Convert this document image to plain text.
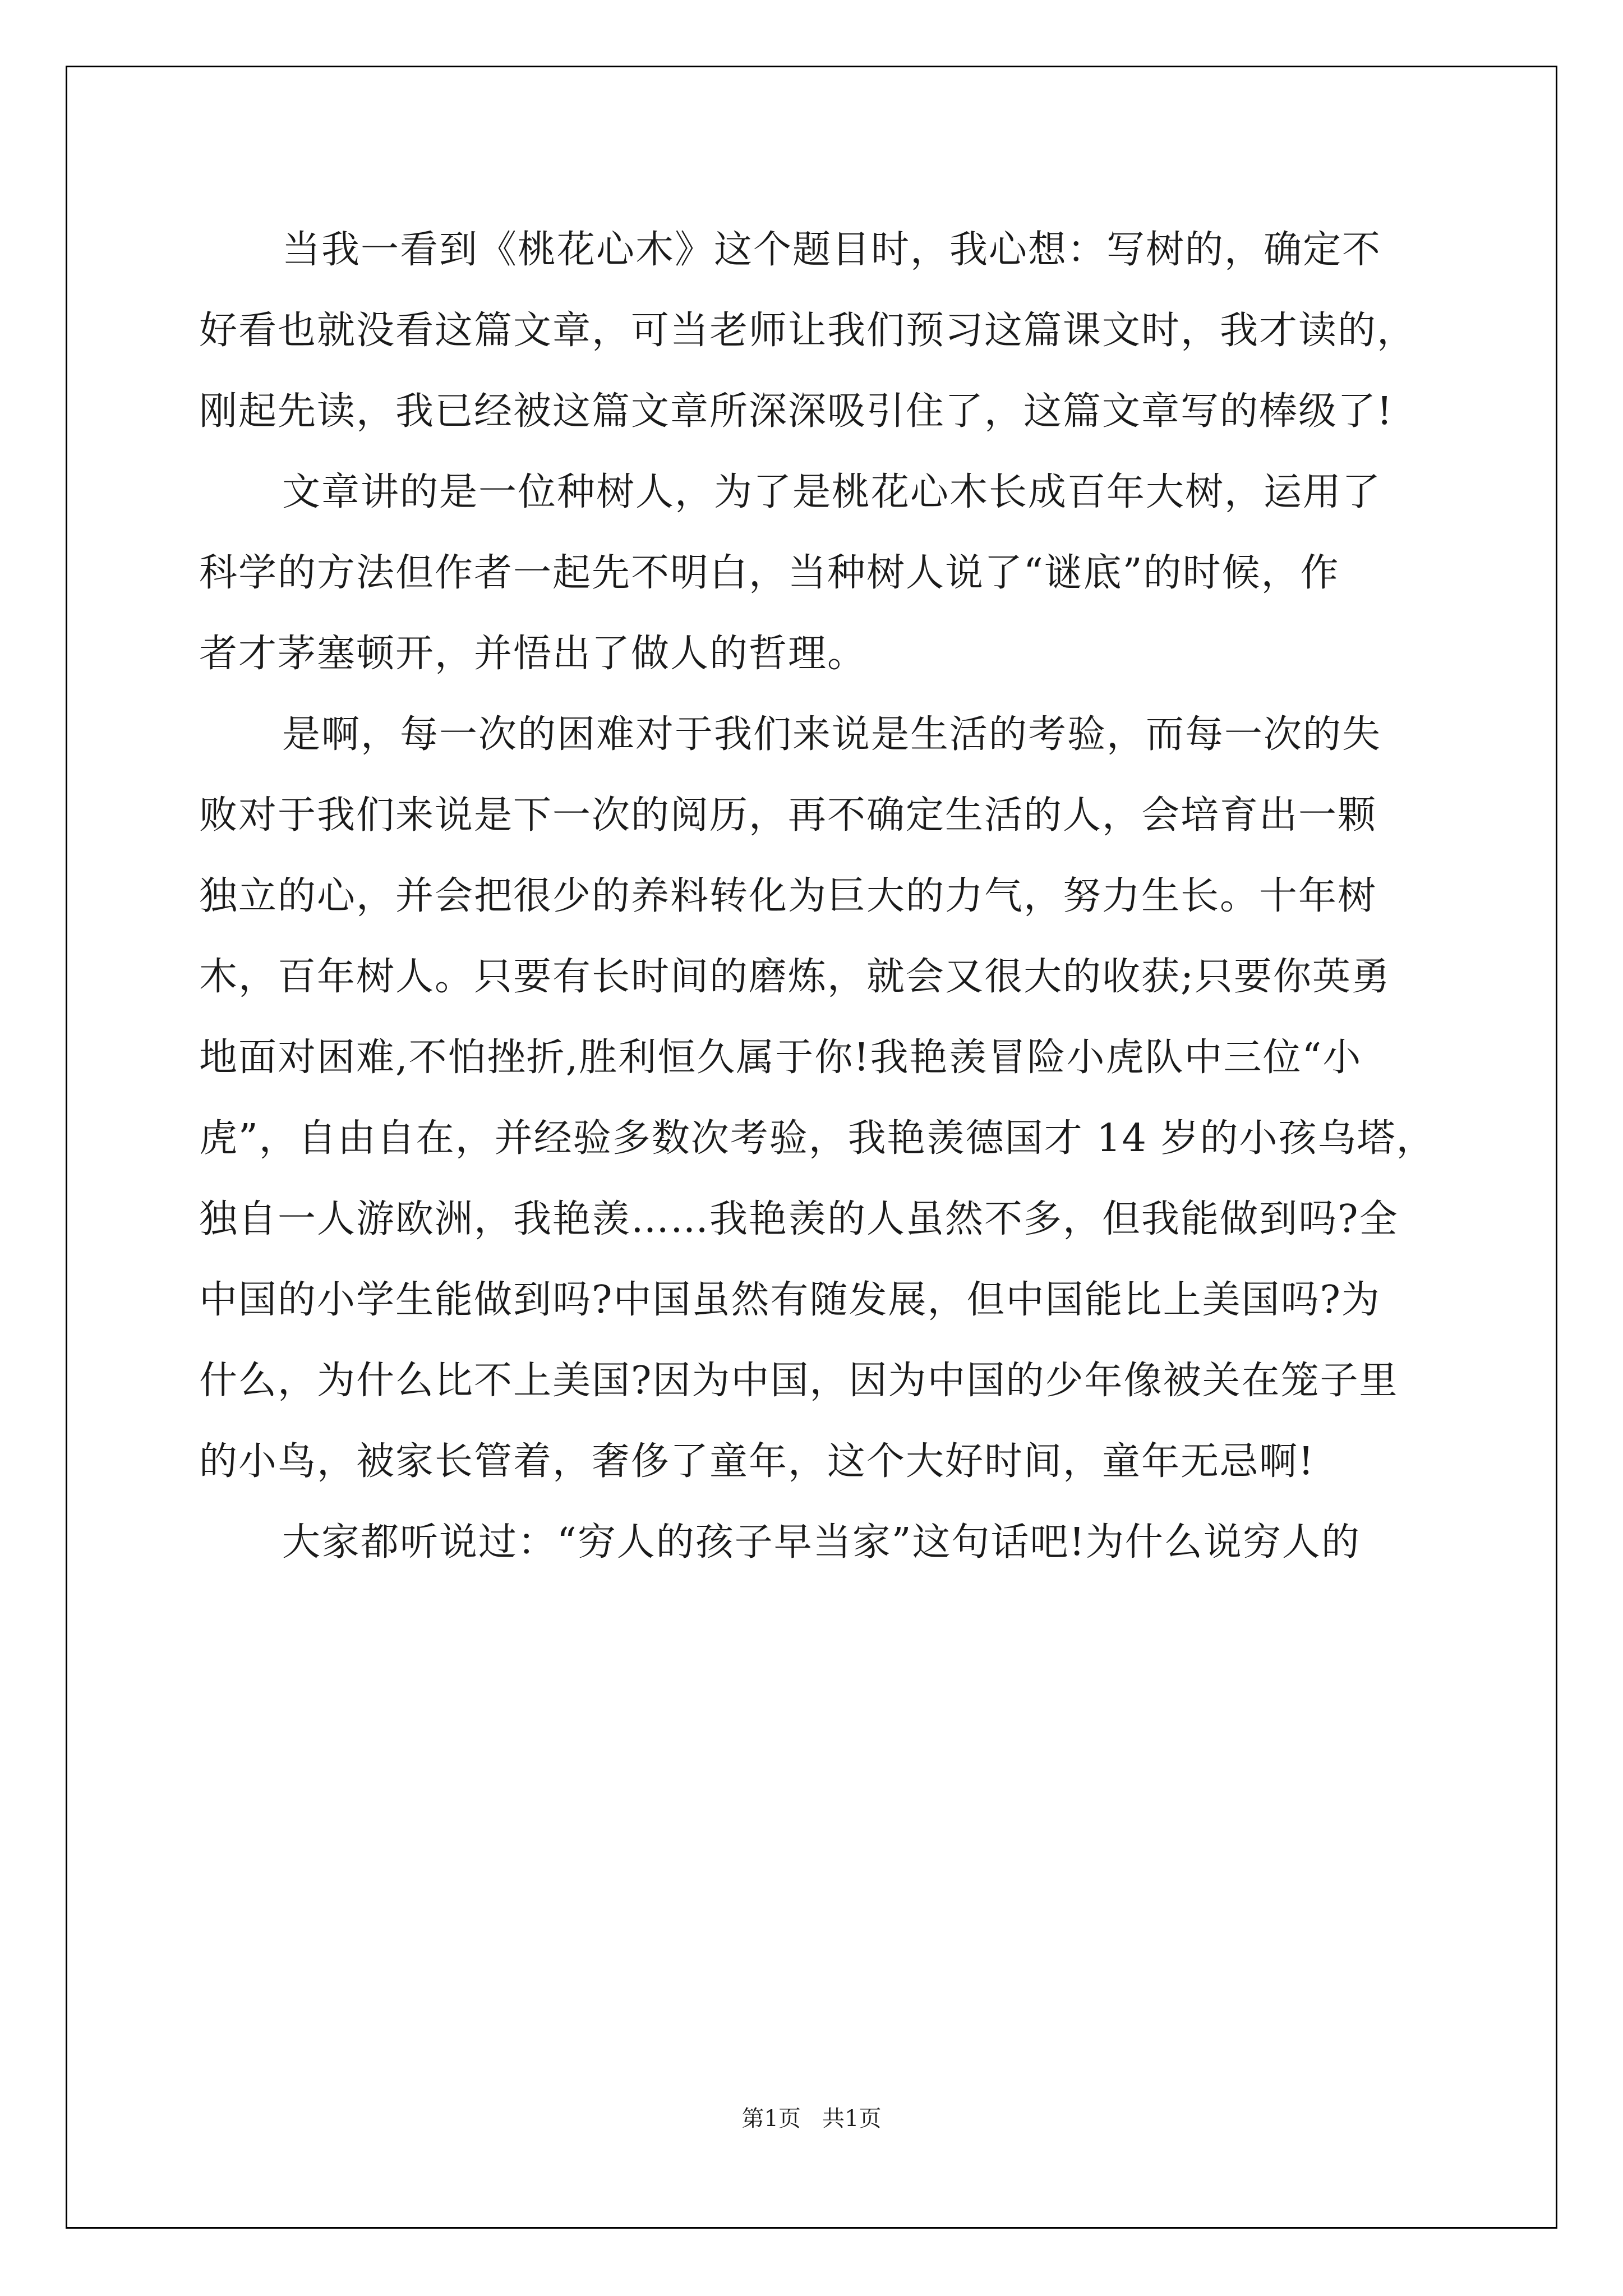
当我一看到《桃花心木》这个题目时，我心想：写树的，确定不
好看也就没看这篇文章，可当老师让我们预习这篇课文时，我才读的，
刚起先读，我已经被这篇文章所深深吸引住了，这篇文章写的棒级了!
文章讲的是一位种树人，为了是桃花心木长成百年大树，运用了
科学的方法但作者一起先不明白，当种树人说了“谜底”的时候，作
者才茅塞顿开，并悟出了做人的哲理。
是啊，每一次的困难对于我们来说是生活的考验，而每一次的失
败对于我们来说是下一次的阅历，再不确定生活的人，会培育出一颗
独立的心，并会把很少的养料转化为巨大的力气，努力生长。十年树
木，百年树人。只要有长时间的磨炼，就会又很大的收获;只要你英勇
地面对困难,不怕挫折,胜利恒久属于你!我艳羡冒险小虎队中三位“小
虎”，自由自在，并经验多数次考验，我艳羡德国才 14 岁的小孩乌塔，
独自一人游欧洲，我艳羡……我艳羡的人虽然不多，但我能做到吗?全
中国的小学生能做到吗?中国虽然有随发展，但中国能比上美国吗?为
什么，为什么比不上美国?因为中国，因为中国的少年像被关在笼子里
的小鸟，被家长管着，奢侈了童年，这个大好时间，童年无忌啊!
大家都听说过：“穷人的孩子早当家”这句话吧!为什么说穷人的
第1页   共1页
